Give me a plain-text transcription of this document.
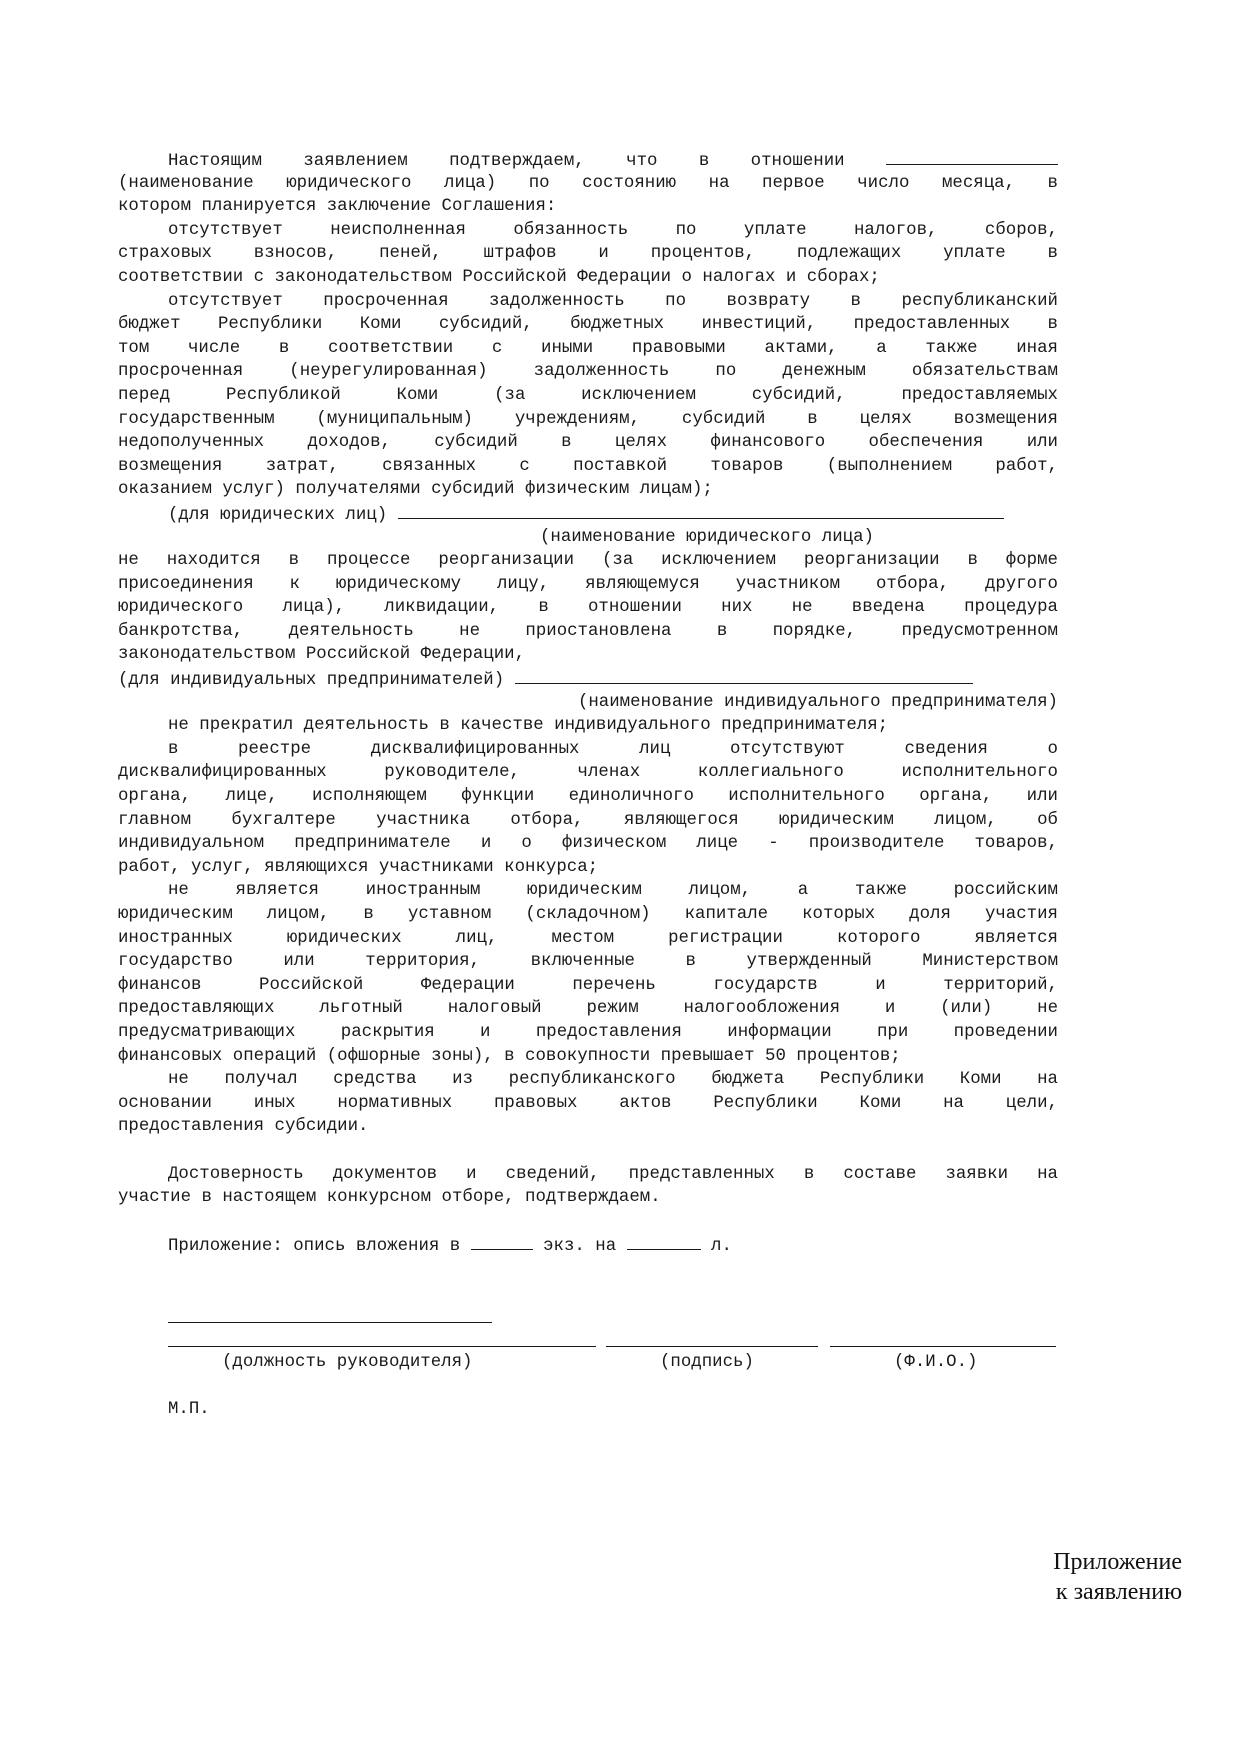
Настоящим заявлением подтверждаем, что в отношении
(наименование юридического лица) по состоянию на первое число месяца, в
котором планируется заключение Соглашения:
отсутствует неисполненная обязанность по уплате налогов, сборов,
страховых взносов, пеней, штрафов и процентов, подлежащих уплате в
соответствии с законодательством Российской Федерации о налогах и сборах;
отсутствует просроченная задолженность по возврату в республиканский
бюджет Республики Коми субсидий, бюджетных инвестиций, предоставленных в
том числе в соответствии с иными правовыми актами, а также иная
просроченная (неурегулированная) задолженность по денежным обязательствам
перед Республикой Коми (за исключением субсидий, предоставляемых
государственным (муниципальным) учреждениям, субсидий в целях возмещения
недополученных доходов, субсидий в целях финансового обеспечения или
возмещения затрат, связанных с поставкой товаров (выполнением работ,
оказанием услуг) получателями субсидий физическим лицам);
(для юридических лиц)
(наименование юридического лица)
не находится в процессе реорганизации (за исключением реорганизации в форме
присоединения к юридическому лицу, являющемуся участником отбора, другого
юридического лица), ликвидации, в отношении них не введена процедура
банкротства, деятельность не приостановлена в порядке, предусмотренном
законодательством Российской Федерации,
(для индивидуальных предпринимателей)
(наименование индивидуального предпринимателя)
не прекратил деятельность в качестве индивидуального предпринимателя;
в реестре дисквалифицированных лиц отсутствуют сведения о
дисквалифицированных руководителе, членах коллегиального исполнительного
органа, лице, исполняющем функции единоличного исполнительного органа, или
главном бухгалтере участника отбора, являющегося юридическим лицом, об
индивидуальном предпринимателе и о физическом лице - производителе товаров,
работ, услуг, являющихся участниками конкурса;
не является иностранным юридическим лицом, а также российским
юридическим лицом, в уставном (складочном) капитале которых доля участия
иностранных юридических лиц, местом регистрации которого является
государство или территория, включенные в утвержденный Министерством
финансов Российской Федерации перечень государств и территорий,
предоставляющих льготный налоговый режим налогообложения и (или) не
предусматривающих раскрытия и предоставления информации при проведении
финансовых операций (офшорные зоны), в совокупности превышает 50 процентов;
не получал средства из республиканского бюджета Республики Коми на
основании иных нормативных правовых актов Республики Коми на цели,
предоставления субсидии.
Достоверность документов и сведений, представленных в составе заявки на
участие в настоящем конкурсном отборе, подтверждаем.
Приложение: опись вложения в	экз. на	л.
(должность руководителя)	(подпись)	(Ф.И.О.)
М.П.
Приложение
к заявлению
